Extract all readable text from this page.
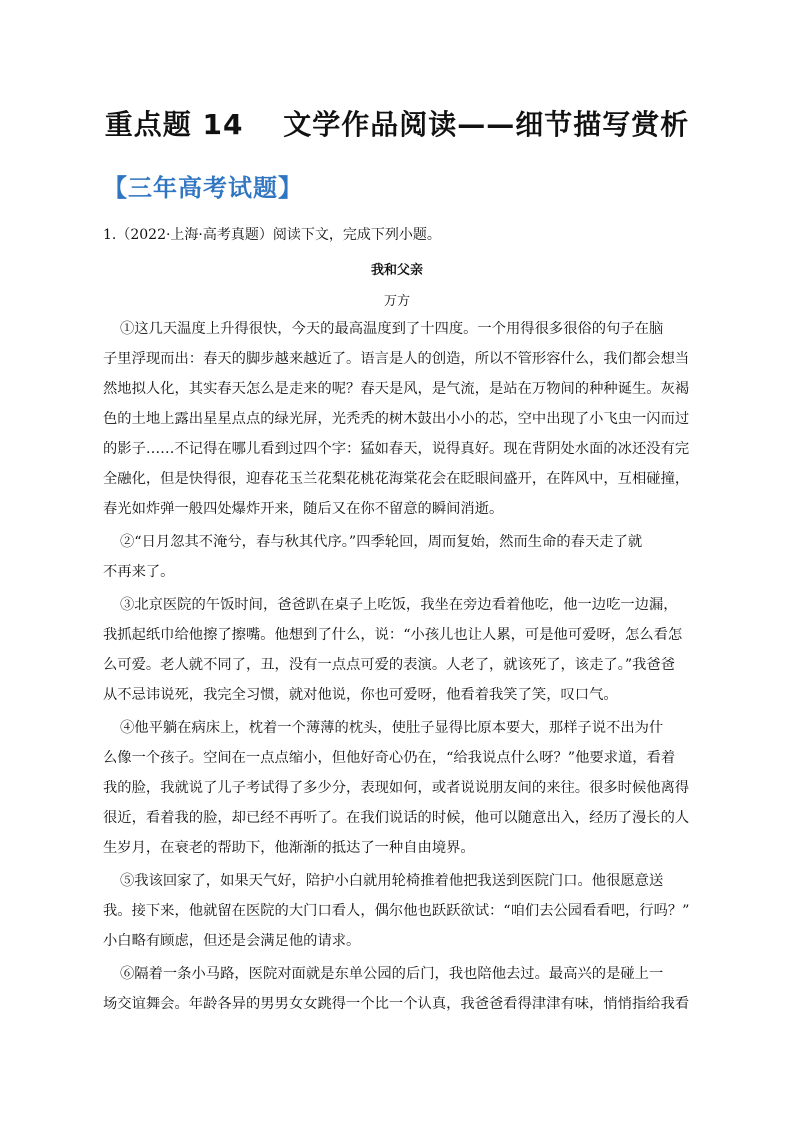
重点题 14　 文学作品阅读——细节描写赏析
【三年高考试题】
1.（2022·上海·高考真题）阅读下文，完成下列小题。
我和父亲
万方
①这几天温度上升得很快，今天的最高温度到了十四度。一个用得很多很俗的句子在脑
子里浮现而出：春天的脚步越来越近了。语言是人的创造，所以不管形容什么，我们都会想当
然地拟人化，其实春天怎么是走来的呢？春天是风，是气流，是站在万物间的种种诞生。灰褐
色的土地上露出星星点点的绿光屏，光秃秃的树木鼓出小小的芯，空中出现了小飞虫一闪而过
的影子……不记得在哪儿看到过四个字：猛如春天，说得真好。现在背阴处水面的冰还没有完
全融化，但是快得很，迎春花玉兰花梨花桃花海棠花会在眨眼间盛开，在阵风中，互相碰撞，
春光如炸弹一般四处爆炸开来，随后又在你不留意的瞬间消逝。
②“日月忽其不淹兮，春与秋其代序。”四季轮回，周而复始，然而生命的春天走了就
不再来了。
③北京医院的午饭时间，爸爸趴在桌子上吃饭，我坐在旁边看着他吃，他一边吃一边漏，
我抓起纸巾给他擦了擦嘴。他想到了什么，说：“小孩儿也让人累，可是他可爱呀，怎么看怎
么可爱。老人就不同了，丑，没有一点点可爱的表演。人老了，就该死了，该走了。”我爸爸
从不忌讳说死，我完全习惯，就对他说，你也可爱呀，他看着我笑了笑，叹口气。
④他平躺在病床上，枕着一个薄薄的枕头，使肚子显得比原本要大，那样子说不出为什
么像一个孩子。空间在一点点缩小，但他好奇心仍在，“给我说点什么呀？”他要求道，看着
我的脸，我就说了儿子考试得了多少分，表现如何，或者说说朋友间的来往。很多时候他离得
很近，看着我的脸，却已经不再听了。在我们说话的时候，他可以随意出入，经历了漫长的人
生岁月，在衰老的帮助下，他渐渐的抵达了一种自由境界。
⑤我该回家了，如果天气好，陪护小白就用轮椅推着他把我送到医院门口。他很愿意送
我。接下来，他就留在医院的大门口看人，偶尔他也跃跃欲试：“咱们去公园看看吧，行吗？”
小白略有顾虑，但还是会满足他的请求。
⑥隔着一条小马路，医院对面就是东单公园的后门，我也陪他去过。最高兴的是碰上一
场交谊舞会。年龄各异的男男女女跳得一个比一个认真，我爸爸看得津津有味，悄悄指给我看
